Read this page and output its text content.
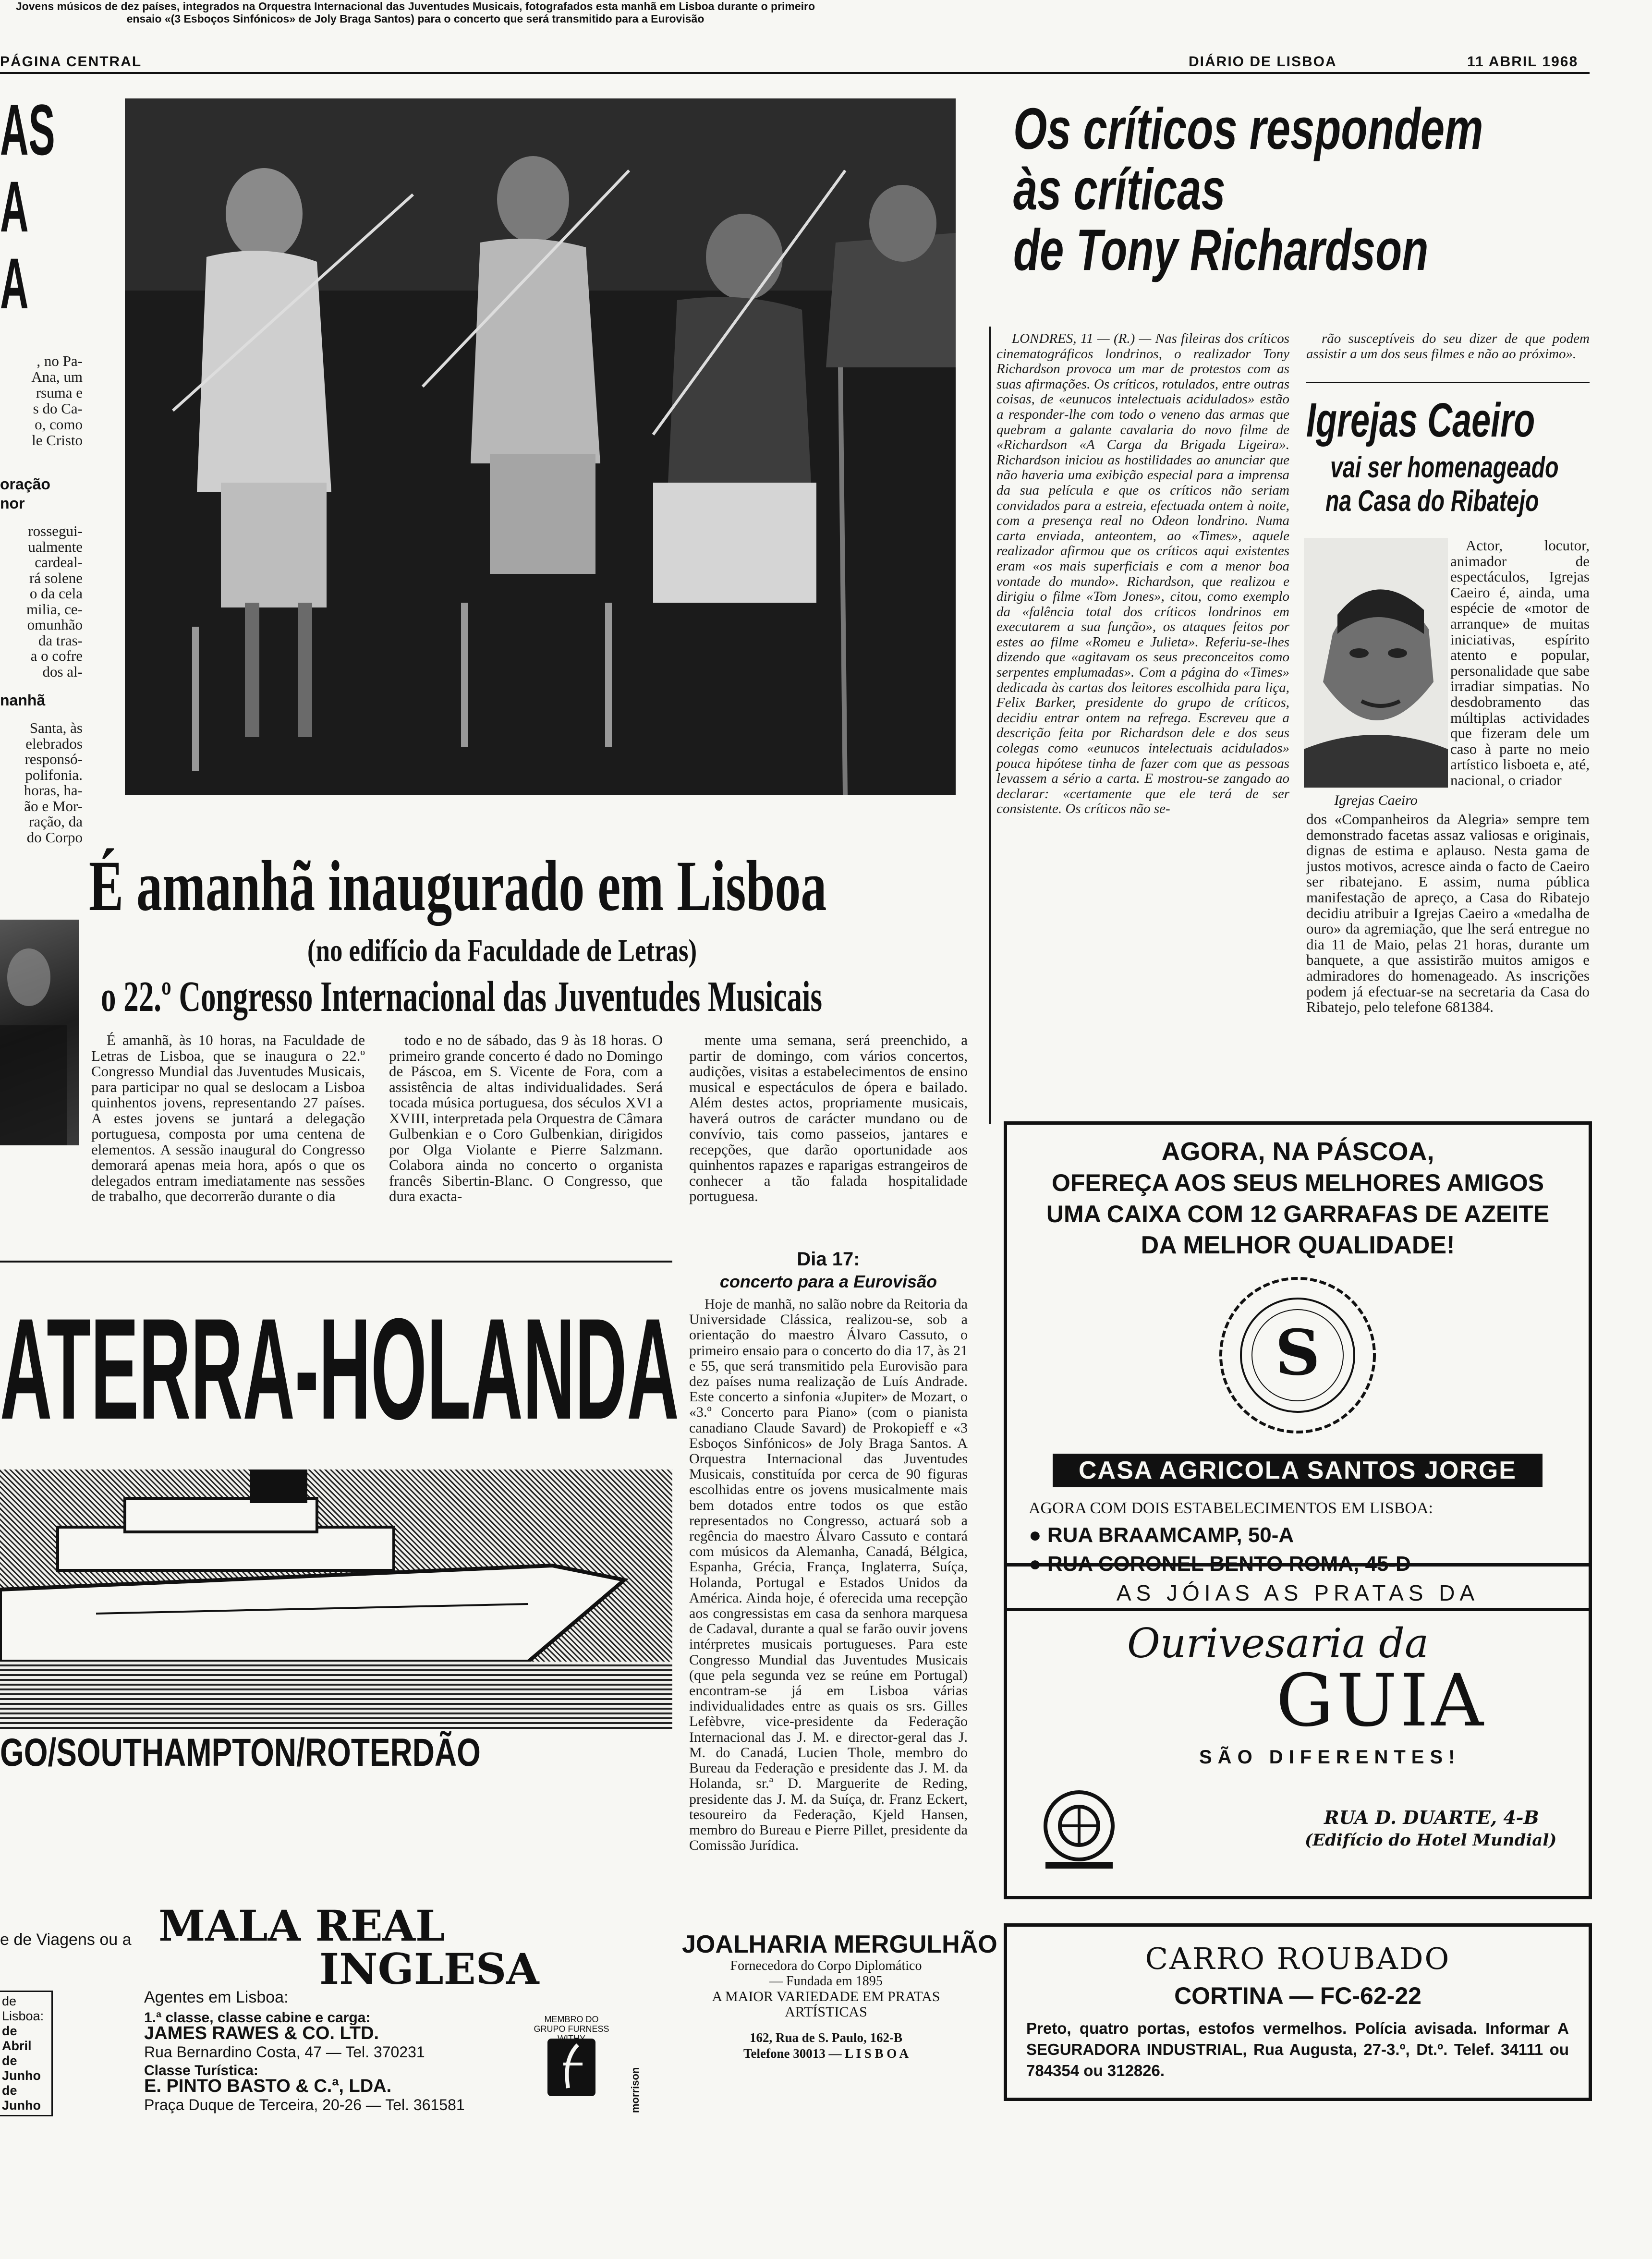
PÁGINA CENTRAL	DIÁRIO DE LISBOA	11 ABRIL 1968
AS
A
A
, no Pa-
Ana, um
rsuma e
s do Ca-
o, como
le Cristo
oração
nor
rossegui-
ualmente
cardeal-
rá solene
o da cela
milia, ce-
omunhão
da tras-
a o cofre
dos al-
nanhã
Santa, às
elebrados
responsó-
polifonia.
horas, ha-
ão e Mor-
ração, da
do Corpo
Jovens músicos de dez países, integrados na Orquestra Internacional das Juventudes Musicais, fotografados esta manhã em Lisboa durante o primeiro ensaio «(3 Esboços Sinfónicos» de Joly Braga Santos) para o concerto que será transmitido para a Eurovisão
É amanhã inaugurado em Lisboa
(no edifício da Faculdade de Letras)
o 22.º Congresso Internacional das Juventudes Musicais

É amanhã, às 10 horas, na Faculdade de Letras de Lisboa, que se inaugura o 22.º Congresso Mundial das Juventudes Musicais, para participar no qual se deslocam a Lisboa quinhentos jovens, representando 27 países. A estes jovens se juntará a delegação portuguesa, composta por uma centena de elementos. A sessão inaugural do Congresso demorará apenas meia hora, após o que os delegados entram imediatamente nas sessões de trabalho, que decorrerão durante o dia

todo e no de sábado, das 9 às 18 horas. O primeiro grande concerto é dado no Domingo de Páscoa, em S. Vicente de Fora, com a assistência de altas individualidades. Será tocada música portuguesa, dos séculos XVI a XVIII, interpretada pela Orquestra de Câmara Gulbenkian e o Coro Gulbenkian, dirigidos por Olga Violante e Pierre Salzmann. Colabora ainda no concerto o organista francês Sibertin-Blanc. O Congresso, que dura exacta-

mente uma semana, será preenchido, a partir de domingo, com vários concertos, audições, visitas a estabelecimentos de ensino musical e espectáculos de ópera e bailado. Além destes actos, propriamente musicais, haverá outros de carácter mundano ou de convívio, tais como passeios, jantares e recepções, que darão oportunidade aos quinhentos rapazes e raparigas estrangeiros de conhecer a tão falada hospitalidade portuguesa.

Dia 17:
concerto para a Eurovisão

Hoje de manhã, no salão nobre da Reitoria da Universidade Clássica, realizou-se, sob a orientação do maestro Álvaro Cassuto, o primeiro ensaio para o concerto do dia 17, às 21 e 55, que será transmitido pela Eurovisão para dez países numa realização de Luís Andrade. Este concerto a sinfonia «Jupiter» de Mozart, o «3.º Concerto para Piano» (com o pianista canadiano Claude Savard) de Prokopieff e «3 Esboços Sinfónicos» de Joly Braga Santos. A Orquestra Internacional das Juventudes Musicais, constituída por cerca de 90 figuras escolhidas entre os jovens musicalmente mais bem dotados entre todos os que estão representados no Congresso, actuará sob a regência do maestro Álvaro Cassuto e contará com músicos da Alemanha, Canadá, Bélgica, Espanha, Grécia, França, Inglaterra, Suíça, Holanda, Portugal e Estados Unidos da América. Ainda hoje, é oferecida uma recepção aos congressistas em casa da senhora marquesa de Cadaval, durante a qual se farão ouvir jovens intérpretes musicais portugueses. Para este Congresso Mundial das Juventudes Musicais (que pela segunda vez se reúne em Portugal) encontram-se já em Lisboa várias individualidades entre as quais os srs. Gilles Lefèbvre, vice-presidente da Federação Internacional das J. M. e director-geral das J. M. do Canadá, Lucien Thole, membro do Bureau da Federação e presidente das J. M. da Holanda, sr.ª D. Marguerite de Reding, presidente das J. M. da Suíça, dr. Franz Eckert, tesoureiro da Federação, Kjeld Hansen, membro do Bureau e Pierre Pillet, presidente da Comissão Jurídica.

ATERRA-HOLANDA
GO/SOUTHAMPTON/ROTERDÃO
e de Viagens ou a MALA REAL
INGLESA
Agentes em Lisboa:
1.ª classe, classe cabine e carga:
JAMES RAWES & CO. LTD.
Rua Bernardino Costa, 47 — Tel. 370231
Classe Turística:
E. PINTO BASTO & C.ª, LDA.
Praça Duque de Terceira, 20-26 — Tel. 361581
de Lisboa:
de Abril
de Junho
de Junho
MEMBRO DO GRUPO FURNESS
morrison
JOALHARIA MERGULHÃO
Fornecedora do Corpo Diplomático
— Fundada em 1895
A MAIOR VARIEDADE EM PRATAS
ARTÍSTICAS
162, Rua de S. Paulo, 162-B
Telefone 30013 — L I S B O A
Os críticos respondem
às críticas
de Tony Richardson

LONDRES, 11 — (R.) — Nas fileiras dos críticos cinematográficos londrinos, o realizador Tony Richardson provoca um mar de protestos com as suas afirmações. Os críticos, rotulados, entre outras coisas, de «eunucos intelectuais acidulados» estão a responder-lhe com todo o veneno das armas que quebram a galante cavalaria do novo filme de «Richardson «A Carga da Brigada Ligeira». Richardson iniciou as hostilidades ao anunciar que não haveria uma exibição especial para a imprensa da sua película e que os críticos não seriam convidados para a estreia, efectuada ontem à noite, com a presença real no Odeon londrino. Numa carta enviada, anteontem, ao «Times», aquele realizador afirmou que os críticos aqui existentes eram «os mais superficiais e com a menor boa vontade do mundo». Richardson, que realizou e dirigiu o filme «Tom Jones», citou, como exemplo da «falência total dos críticos londrinos em executarem a sua função», os ataques feitos por estes ao filme «Romeu e Julieta». Referiu-se-lhes dizendo que «agitavam os seus preconceitos como serpentes emplumadas». Com a página do «Times» dedicada às cartas dos leitores escolhida para liça, Felix Barker, presidente do grupo de críticos, decidiu entrar ontem na refrega. Escreveu que a descrição feita por Richardson dele e dos seus colegas como «eunucos intelectuais acidulados» pouca hipótese tinha de fazer com que as pessoas levassem a sério a carta. E mostrou-se zangado ao declarar: «certamente que ele terá de ser consistente. Os críticos não se-

rão susceptíveis do seu dizer de que podem assistir a um dos seus filmes e não ao próximo».

Igrejas Caeiro
vai ser homenageado
na Casa do Ribatejo
Igrejas Caeiro

Actor, locutor, animador de espectáculos, Igrejas Caeiro é, ainda, uma espécie de «motor de arranque» de muitas iniciativas, espírito atento e popular, personalidade que sabe irradiar simpatias. No desdobramento das múltiplas actividades que fizeram dele um caso à parte no meio artístico lisboeta e, até, nacional, o criador

dos «Companheiros da Alegria» sempre tem demonstrado facetas assaz valiosas e originais, dignas de estima e aplauso. Nesta gama de justos motivos, acresce ainda o facto de Caeiro ser ribatejano. E assim, numa pública manifestação de apreço, a Casa do Ribatejo decidiu atribuir a Igrejas Caeiro a «medalha de ouro» da agremiação, que lhe será entregue no dia 11 de Maio, pelas 21 horas, durante um banquete, a que assistirão muitos amigos e admiradores do homenageado. As inscrições podem já efectuar-se na secretaria da Casa do Ribatejo, pelo telefone 681384.

AGORA, NA PÁSCOA,
OFEREÇA AOS SEUS MELHORES AMIGOS
UMA CAIXA COM 12 GARRAFAS DE AZEITE
DA MELHOR QUALIDADE!
S
CASA AGRICOLA SANTOS JORGE
AGORA COM DOIS ESTABELECIMENTOS EM LISBOA:
● RUA BRAAMCAMP, 50-A
● RUA CORONEL BENTO ROMA, 45-D
AS JÓIAS AS PRATAS DA
Ourivesaria da
GUIA
SÃO DIFERENTES!
RUA D. DUARTE, 4-B
(Edifício do Hotel Mundial)
CARRO ROUBADO
CORTINA — FC-62-22
Preto, quatro portas, estofos vermelhos. Polícia avisada. Informar A SEGURADORA INDUSTRIAL, Rua Augusta, 27-3.º, Dt.º. Telef. 34111 ou 784354 ou 312826.
